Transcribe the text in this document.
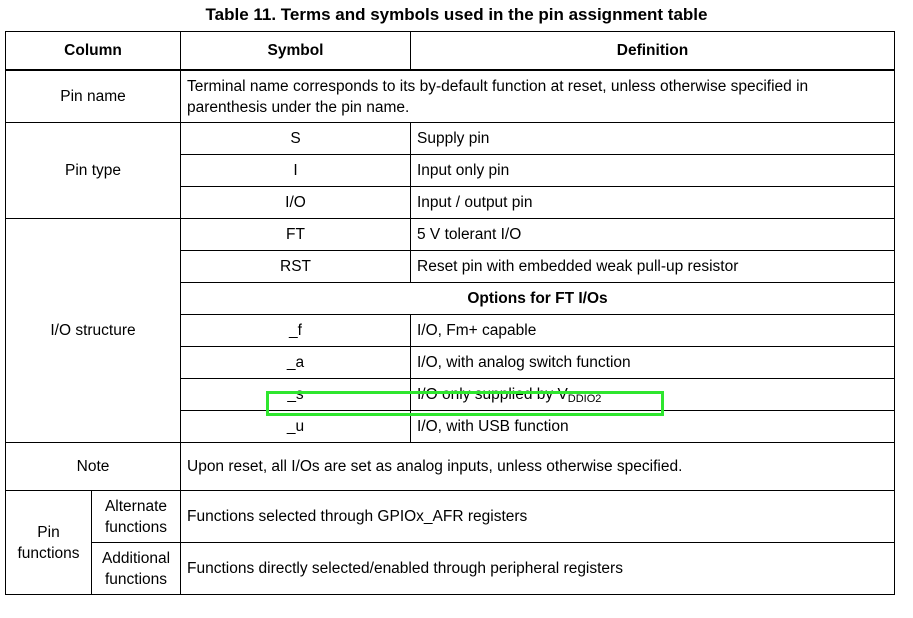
Table 11. Terms and symbols used in the pin assignment table
Column		Symbol	Definition
Pin name		Terminal name corresponds to its by-default function at reset, unless otherwise specified in parenthesis under the pin name.	
Pin type		S	Supply pin
		I	Input only pin
		I/O	Input / output pin
I/O structure		FT	5 V tolerant I/O
		RST	Reset pin with embedded weak pull-up resistor
		Options for FT I/Os	
		_f	I/O, Fm+ capable
		_a	I/O, with analog switch function
		_s	I/O only supplied by $V_{DDIO2}$
		_u	I/O, with USB function
Note		Upon reset, all I/Os are set as analog inputs, unless otherwise specified.	
Pin functions	Alternate functions	Functions selected through GPIOx_AFR registers	
	Additional functions	Functions directly selected/enabled through peripheral registers	
